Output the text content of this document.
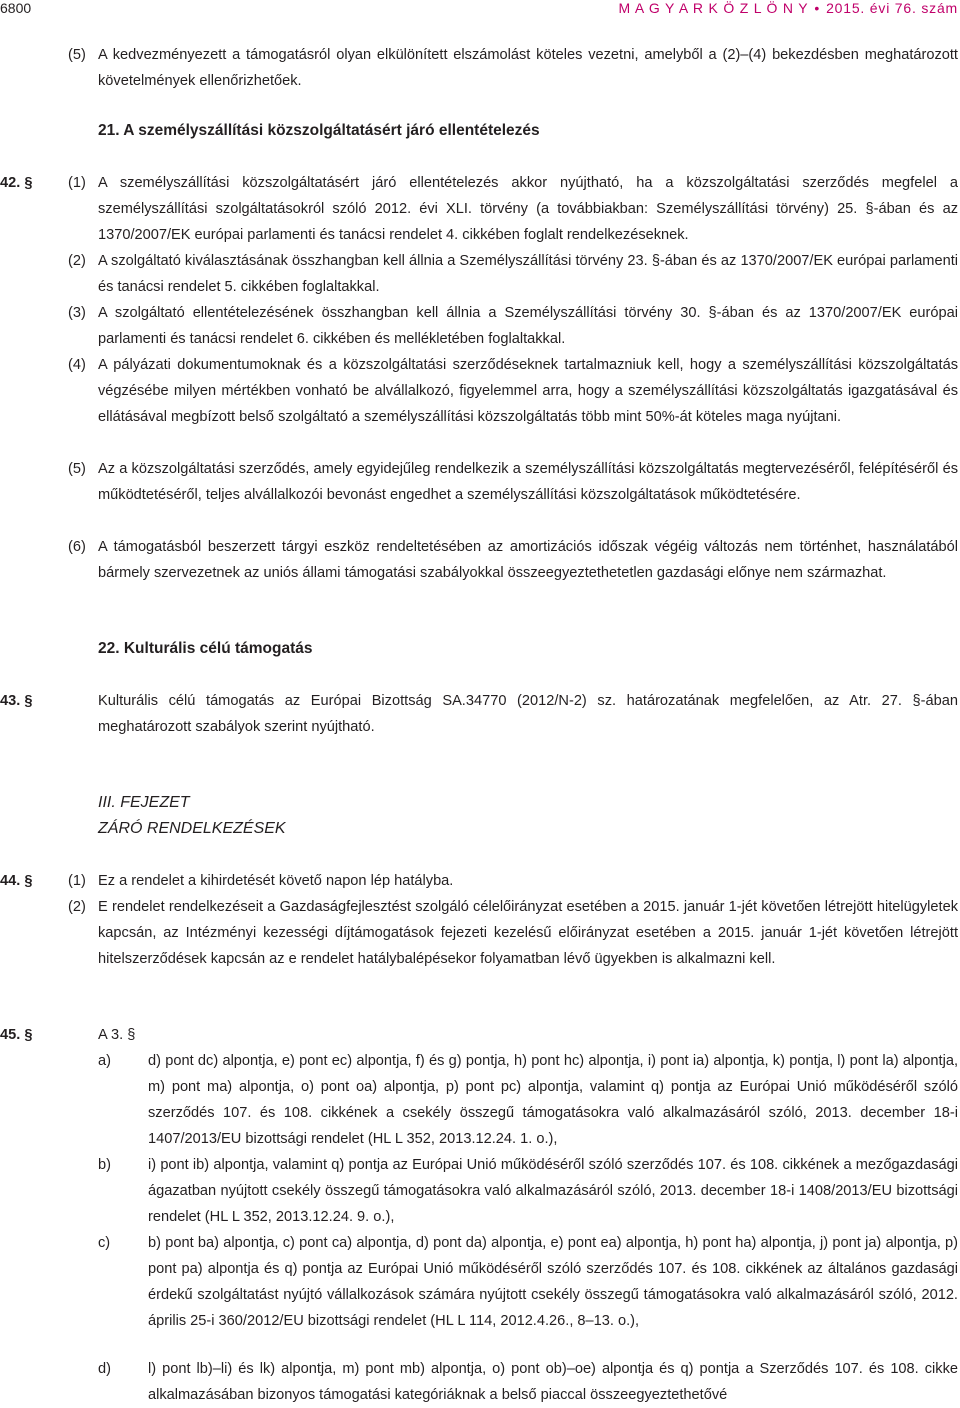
6800	M A G Y A R K Ö Z L Ö N Y • 2015. évi 76. szám
(5) A kedvezményezett a támogatásról olyan elkülönített elszámolást köteles vezetni, amelyből a (2)–(4) bekezdésben meghatározott követelmények ellenőrizhetőek.
21. A személyszállítási közszolgáltatásért járó ellentételezés
42. §	(1) A személyszállítási közszolgáltatásért járó ellentételezés akkor nyújtható, ha a közszolgáltatási szerződés megfelel a személyszállítási szolgáltatásokról szóló 2012. évi XLI. törvény (a továbbiakban: Személyszállítási törvény) 25. §-ában és az 1370/2007/EK európai parlamenti és tanácsi rendelet 4. cikkében foglalt rendelkezéseknek.
(2) A szolgáltató kiválasztásának összhangban kell állnia a Személyszállítási törvény 23. §-ában és az 1370/2007/EK európai parlamenti és tanácsi rendelet 5. cikkében foglaltakkal.
(3) A szolgáltató ellentételezésének összhangban kell állnia a Személyszállítási törvény 30. §-ában és az 1370/2007/EK európai parlamenti és tanácsi rendelet 6. cikkében és mellékletében foglaltakkal.
(4) A pályázati dokumentumoknak és a közszolgáltatási szerződéseknek tartalmazniuk kell, hogy a személyszállítási közszolgáltatás végzésébe milyen mértékben vonható be alvállalkozó, figyelemmel arra, hogy a személyszállítási közszolgáltatás igazgatásával és ellátásával megbízott belső szolgáltató a személyszállítási közszolgáltatás több mint 50%-át köteles maga nyújtani.
(5) Az a közszolgáltatási szerződés, amely egyidejűleg rendelkezik a személyszállítási közszolgáltatás megtervezéséről, felépítéséről és működtetéséről, teljes alvállalkozói bevonást engedhet a személyszállítási közszolgáltatások működtetésére.
(6) A támogatásból beszerzett tárgyi eszköz rendeltetésében az amortizációs időszak végéig változás nem történhet, használatából bármely szervezetnek az uniós állami támogatási szabályokkal összeegyeztethetetlen gazdasági előnye nem származhat.
22. Kulturális célú támogatás
43. §	Kulturális célú támogatás az Európai Bizottság SA.34770 (2012/N-2) sz. határozatának megfelelően, az Atr. 27. §-ában meghatározott szabályok szerint nyújtható.
III. FEJEZET
ZÁRÓ RENDELKEZÉSEK
44. §	(1) Ez a rendelet a kihirdetését követő napon lép hatályba.
(2) E rendelet rendelkezéseit a Gazdaságfejlesztést szolgáló célelőirányzat esetében a 2015. január 1-jét követően létrejött hitelügyletek kapcsán, az Intézményi kezességi díjtámogatások fejezeti kezelésű előirányzat esetében a 2015. január 1-jét követően létrejött hitelszerződések kapcsán az e rendelet hatálybalépésekor folyamatban lévő ügyekben is alkalmazni kell.
45. §	A 3. §
a)	d) pont dc) alpontja, e) pont ec) alpontja, f) és g) pontja, h) pont hc) alpontja, i) pont ia) alpontja, k) pontja, l) pont la) alpontja, m) pont ma) alpontja, o) pont oa) alpontja, p) pont pc) alpontja, valamint q) pontja az Európai Unió működéséről szóló szerződés 107. és 108. cikkének a csekély összegű támogatásokra való alkalmazásáról szóló, 2013. december 18-i 1407/2013/EU bizottsági rendelet (HL L 352, 2013.12.24. 1. o.),
b)	i) pont ib) alpontja, valamint q) pontja az Európai Unió működéséről szóló szerződés 107. és 108. cikkének a mezőgazdasági ágazatban nyújtott csekély összegű támogatásokra való alkalmazásáról szóló, 2013. december 18-i 1408/2013/EU bizottsági rendelet (HL L 352, 2013.12.24. 9. o.),
c)	b) pont ba) alpontja, c) pont ca) alpontja, d) pont da) alpontja, e) pont ea) alpontja, h) pont ha) alpontja, j) pont ja) alpontja, p) pont pa) alpontja és q) pontja az Európai Unió működéséről szóló szerződés 107. és 108. cikkének az általános gazdasági érdekű szolgáltatást nyújtó vállalkozások számára nyújtott csekély összegű támogatásokra való alkalmazásáról szóló, 2012. április 25-i 360/2012/EU bizottsági rendelet (HL L 114, 2012.4.26., 8–13. o.),
d)	l) pont lb)–li) és lk) alpontja, m) pont mb) alpontja, o) pont ob)–oe) alpontja és q) pontja a Szerződés 107. és 108. cikke alkalmazásában bizonyos támogatási kategóriáknak a belső piaccal összeegyeztethetővé
